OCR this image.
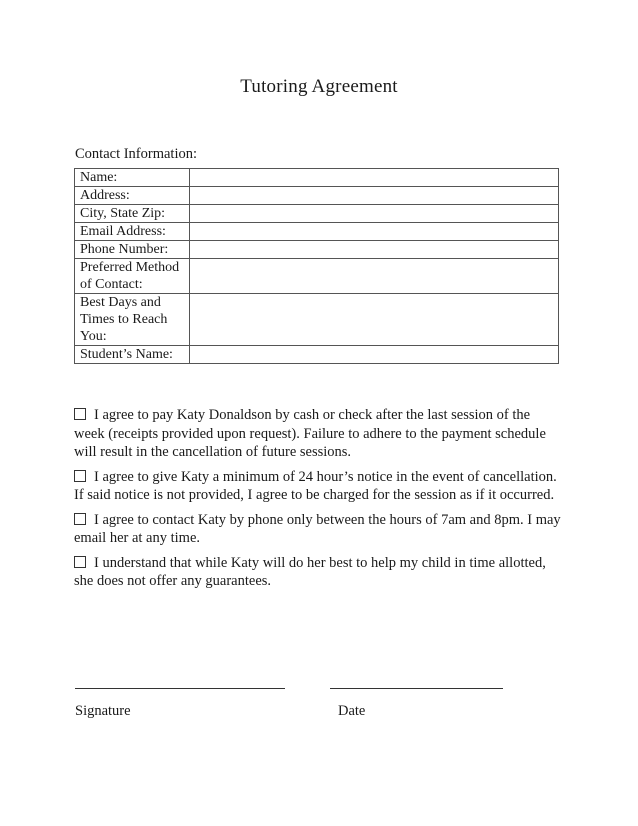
Tutoring Agreement
Contact Information:
Name:	
Address:	
City, State Zip:	
Email Address:	
Phone Number:	
Preferred Method of Contact:	
Best Days and Times to Reach You:	
Student’s Name:	
I agree to pay Katy Donaldson by cash or check after the last session of the week (receipts provided upon request). Failure to adhere to the payment schedule will result in the cancellation of future sessions.
I agree to give Katy a minimum of 24 hour’s notice in the event of cancellation. If said notice is not provided, I agree to be charged for the session as if it occurred.
I agree to contact Katy by phone only between the hours of 7am and 8pm. I may email her at any time.
I understand that while Katy will do her best to help my child in time allotted, she does not offer any guarantees.
Signature	Date
